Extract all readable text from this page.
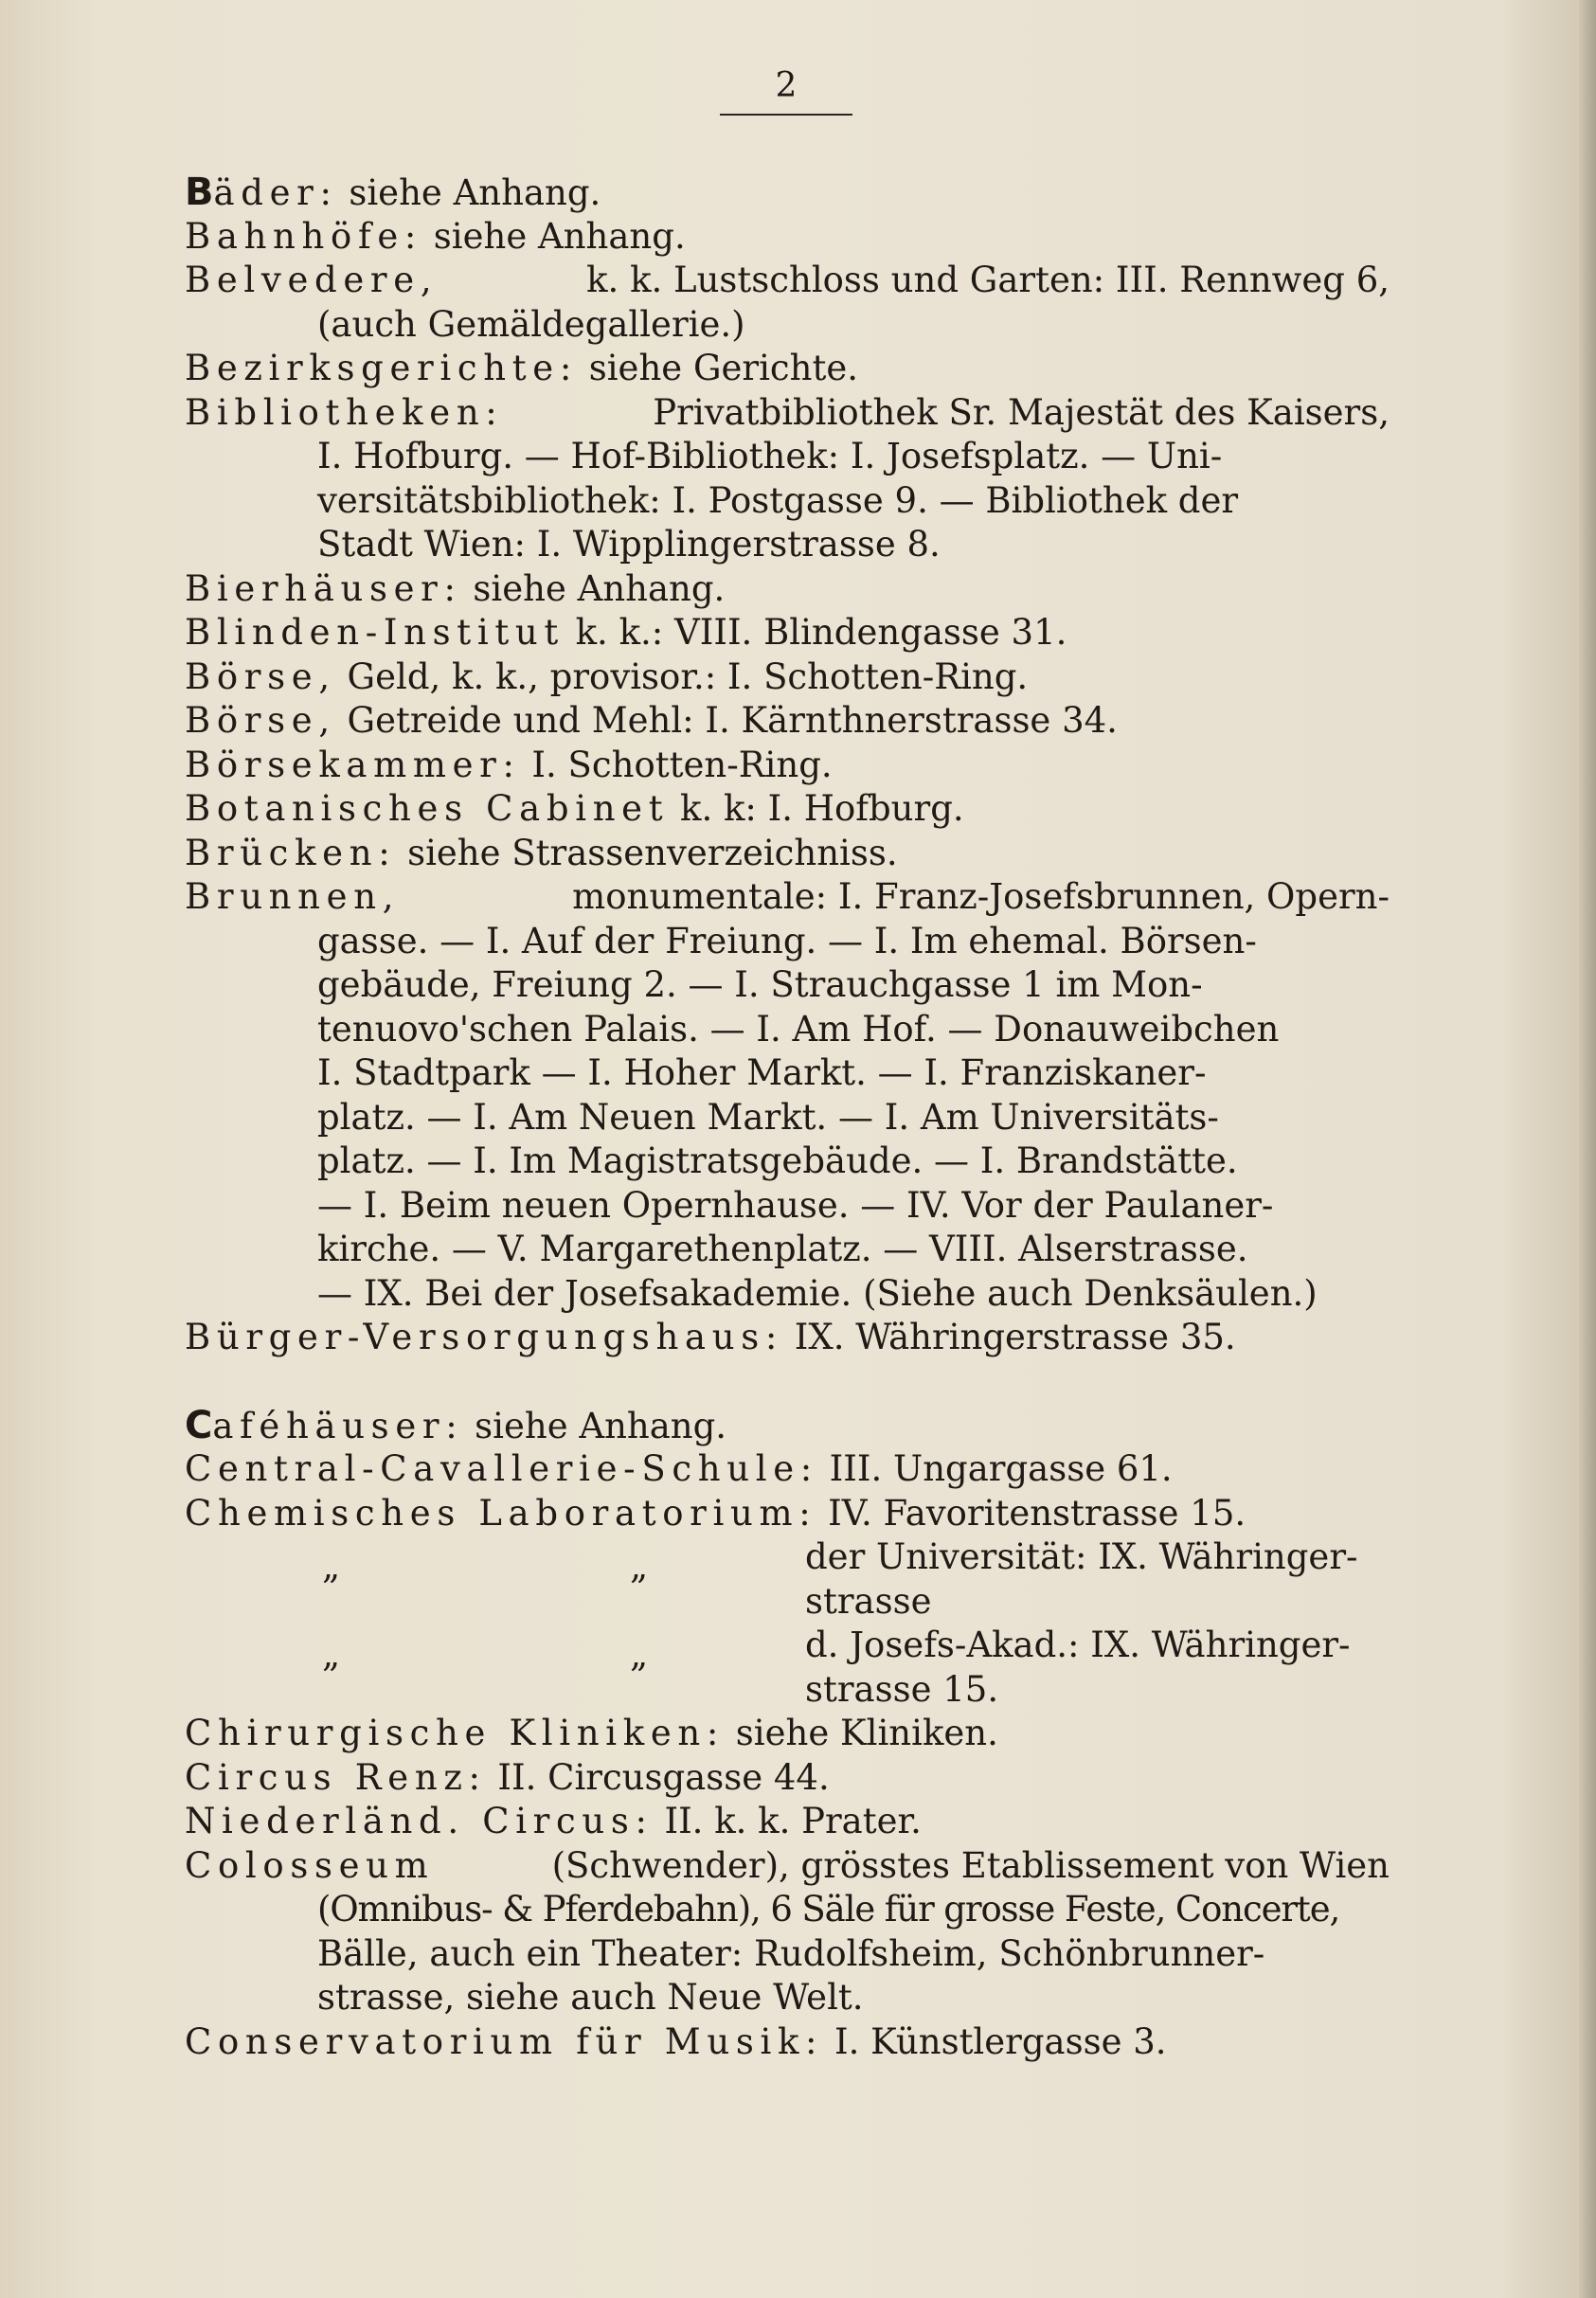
2
Bäder: siehe Anhang.
Bahnhöfe: siehe Anhang.
Belvedere,	k. k. Lustschloss und Garten: III. Rennweg 6,
(auch Gemäldegallerie.)
Bezirksgerichte: siehe Gerichte.
Bibliotheken:	Privatbibliothek Sr. Majestät des Kaisers,
I. Hofburg. — Hof-Bibliothek: I. Josefsplatz. — Uni-
versitätsbibliothek: I. Postgasse 9. — Bibliothek der
Stadt Wien: I. Wipplingerstrasse 8.
Bierhäuser: siehe Anhang.
Blinden-Institut k. k.: VIII. Blindengasse 31.
Börse, Geld, k. k., provisor.: I. Schotten-Ring.
Börse, Getreide und Mehl: I. Kärnthnerstrasse 34.
Börsekammer: I. Schotten-Ring.
Botanisches Cabinet k. k: I. Hofburg.
Brücken: siehe Strassenverzeichniss.
Brunnen,	monumentale: I. Franz-Josefsbrunnen, Opern-
gasse. — I. Auf der Freiung. — I. Im ehemal. Börsen-
gebäude, Freiung 2. — I. Strauchgasse 1 im Mon-
tenuovo'schen Palais. — I. Am Hof. — Donauweibchen
I. Stadtpark — I. Hoher Markt. — I. Franziskaner-
platz. — I. Am Neuen Markt. — I. Am Universitäts-
platz. — I. Im Magistratsgebäude. — I. Brandstätte.
— I. Beim neuen Opernhause. — IV. Vor der Paulaner-
kirche. — V. Margarethenplatz. — VIII. Alserstrasse.
— IX. Bei der Josefsakademie. (Siehe auch Denksäulen.)
Bürger-Versorgungshaus: IX. Währingerstrasse 35.
Caféhäuser: siehe Anhang.
Central-Cavallerie-Schule: III. Ungargasse 61.
Chemisches Laboratorium: IV. Favoritenstrasse 15.
„	„	der Universität: IX. Währinger-
strasse
„	„	d. Josefs-Akad.: IX. Währinger-
strasse 15.
Chirurgische Kliniken: siehe Kliniken.
Circus Renz: II. Circusgasse 44.
Niederländ. Circus: II. k. k. Prater.
Colosseum	(Schwender), grösstes Etablissement von Wien
(Omnibus- & Pferdebahn), 6 Säle für grosse Feste, Concerte,
Bälle, auch ein Theater: Rudolfsheim, Schönbrunner-
strasse, siehe auch Neue Welt.
Conservatorium für Musik: I. Künstlergasse 3.
